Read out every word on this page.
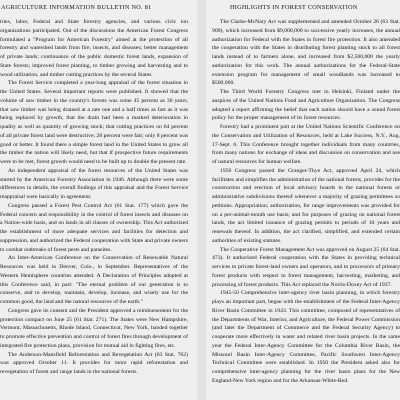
AGRICULTURE INFORMATION BULLETIN NO. 81

tries, labor, Federal and State forestry agencies, and various civic ion organizations participated. Out of the discussions the American Forest Congress formulated a "Program for American Forestry" aimed at the protection of all forestry and watershed lands from fire, insects, and diseases; better management of private lands; continuance of the public domestic forest lands, expansion of State forests; improved forest planting, to timber growing and harvesting and to wood utilization, and timber cutting practices by the several States.

The Forest Service completed a year-long appraisal of the forest situation in the United States. Several important reports were published. It showed that the volume of saw timber in the country's forests was some 45 percent as 36 years, that saw timber was being drained at a rate one and a half times as fast as it was being replaced by growth, that the drain had been a marked deterioration in quality as well as quantity of growing stock; that cutting practices on 64 percent of all private forest land were destructive; 28 percent were fair; only 8 percent was good or better. It found there a simple forest land in the United States to grow all the timber the nation will likely need, but that if prospective future requirements were to be met, forest growth would need to be built up to double the present rate.

An independent appraisal of the forest resources of the United States was started by the American Forestry Association in 1946. Although there were some differences in details, the overall findings of this appraisal and the Forest Service reappraisal were basically in agreement.

Congress passed a Forest Pest Control Act (61 Stat. 177) which gave the Federal concern and responsibility in the control of forest insects and diseases on a Nation-wide basis, and on lands in all classes of ownership. This Act authorized the establishment of more adequate services and facilities for detection and suppression, and authorized the Federal cooperation with State and private owners to combat outbreaks of forest pests and parasites.

An Inter-American Conference on the Conservation of Renewable Natural Resources was held in Denver, Colo., in September. Representatives of the Western Hemisphere countries attended. A Declaration of Principles adopted at this Conference said, in part: "The eternal problem of our generation is to conserve, and to develop, maintain, develop, increase, and wisely use for the common good, the land and the natural resources of the earth."

Congress gave its consent and the President approved a reimbursement for the protection compact on June 25 (61 Stat. 271). The States were New Hampshire, Vermont, Massachusetts, Rhode Island, Connecticut, New York, banded together to promote effective prevention and control of forest fires through development of integrated fire protection plans, provision for mutual aid in fighting fires, etc.

The Anderson-Mansfield Reforestation and Revegetation Act (63 Stat. 762) was approved October 11. It provides for more rapid reforestation and revegetation of forest and range lands in the national forests.

HIGHLIGHTS IN FOREST CONSERVATION

The Clarke-McNary Act was supplemented and amended October 26 (63 Stat. 909), which increased from $9,000,000 to successive yearly increases, the annual authorization for Federal with the States in forest fire protection. It also amended the cooperation with the States in distributing forest planting stock to all forest lands instead of to farmers alone, and increased from $2,500,000 the yearly authorization for this work. The annual authorizations for the Federal-State extension program for management of small woodlands was increased to $500,000.

The Third World Forestry Congress met in Helsinki, Finland under the auspices of the United Nations Food and Agriculture Organization. The Congress adopted a report affirming the belief that each nation should have a sound forest policy for the proper management of its forest resources.

Forestry had a prominent part at the United Nations Scientific Conference on the Conservation and Utilization of Resources, held at Lake Success, N.Y., Aug. 17-Sept. 6. This Conference brought together individuals from many countries, from many nations for exchange of ideas and discussion on conservation and use of natural resources for human welfare.

1950 Congress passed the Granger-Thye Act, approved April 24, which facilitates and simplifies the administration of the national forests, provides for the construction and erection of local advisory boards in the national forests or administrative subdivisions thereof whenever a majority of grazing permittees so petitions. Appropriation; authorization, for range improvements was provided for on a per-animal-month use basis; and for purposes of grazing on national forest lands, the act limited issuance of grazing permits to periods of 10 years and renewals thereof. In addition, the act clarified, simplified, and extended certain authorities of existing statutes.

The Cooperative Forest Management Act was approved on August 25 (64 Stat. 473). It authorized Federal cooperation with the States in providing technical services to private forest-land owners and operators, and to processors of primary forest products with respect to forest management, harvesting, marketing, and processing of forest products. This Act replaced the Norris-Doxey Act of 1937.

1945-50 Comprehensive inter-agency river basin planning, in which forestry plays an important part, began with the establishment of the Federal Inter-Agency River Basin Committee in 1943. This committee, composed of representatives of the Departments of War, Interior, and Agriculture, the Federal Power Commission (and later the Department of Commerce and the Federal Security Agency) to cooperate more effectively in water and related river basin projects. In the same year the Federal Inter-Agency Committee for the Columbia River Basin, the Missouri Basin Inter-Agency Committee, Pacific Southwest Inter-Agency Technical Committee were established. In 1950 the President asked also for comprehensive inter-agency planning for the river basin plans for the New England-New York region and for the Arkansas-White-Red.
